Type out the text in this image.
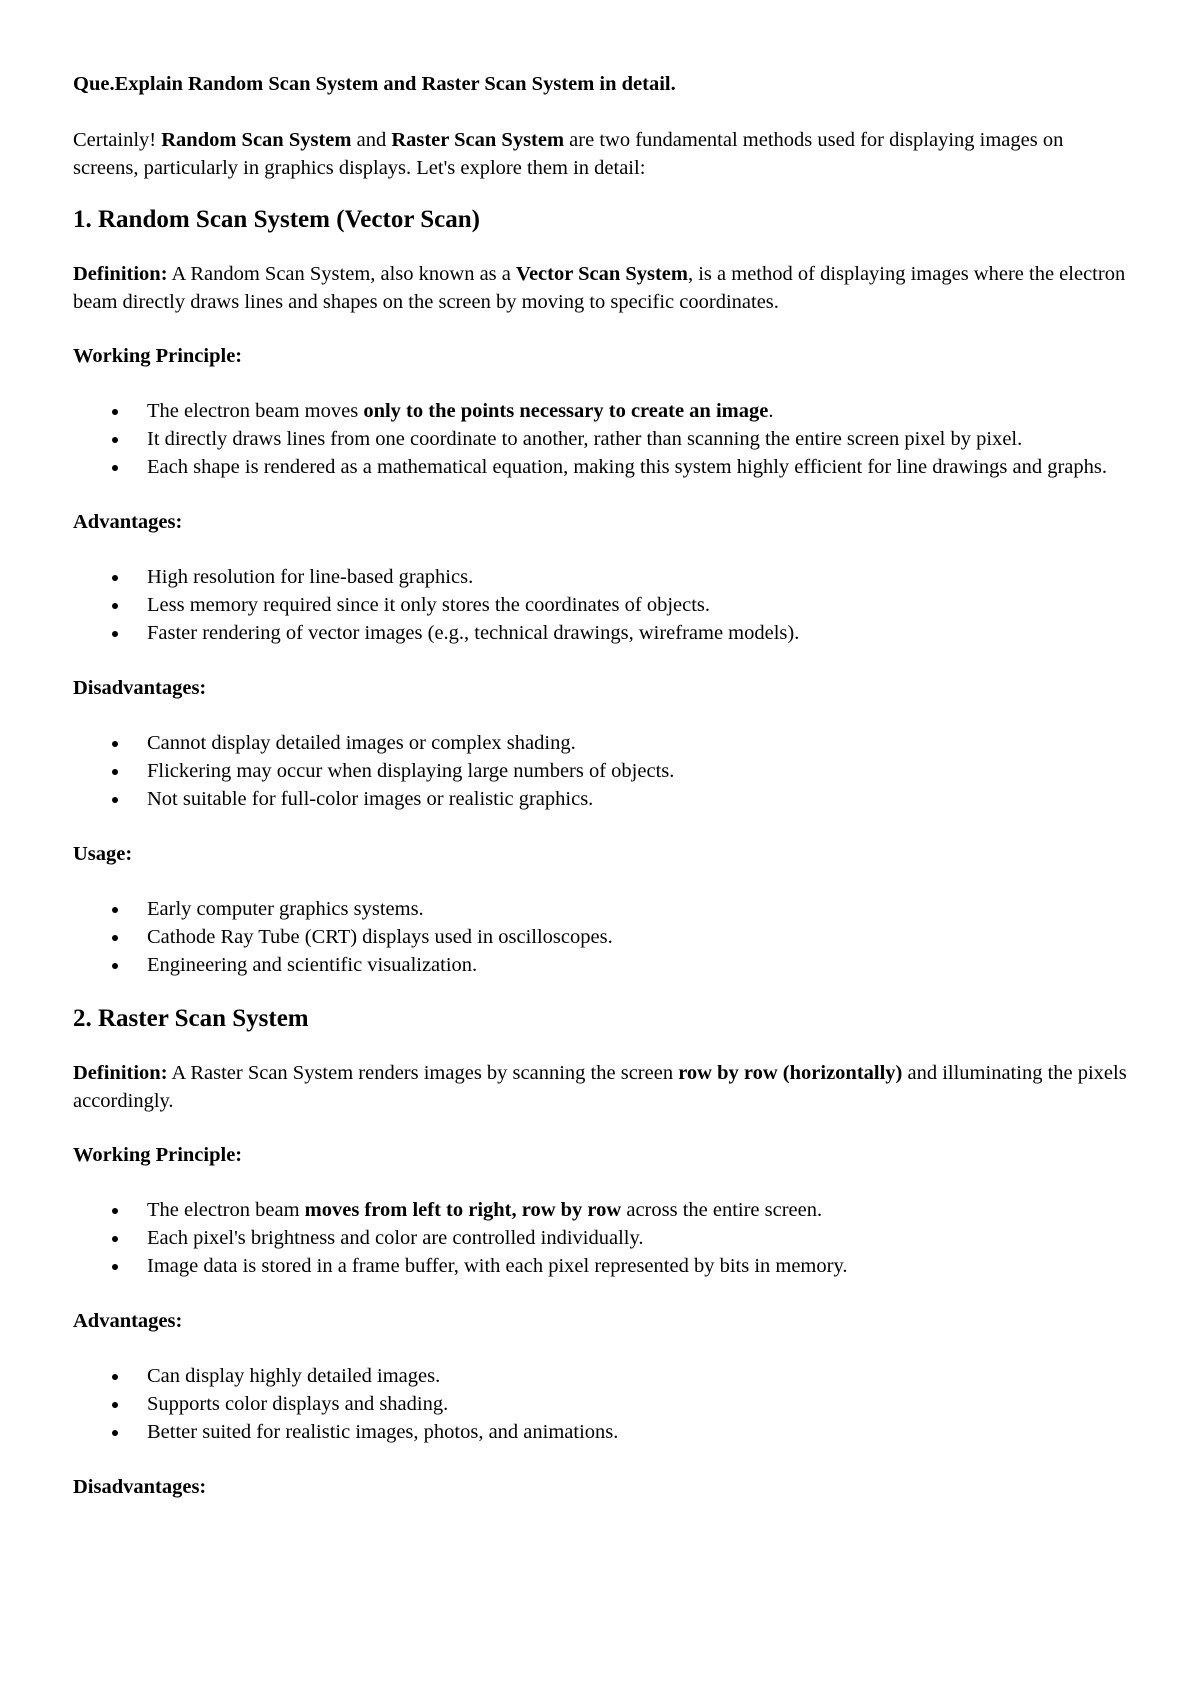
Que.Explain Random Scan System and Raster Scan System in detail.

Certainly! Random Scan System and Raster Scan System are two fundamental methods used for displaying images on screens, particularly in graphics displays. Let's explore them in detail:

1. Random Scan System (Vector Scan)

Definition: A Random Scan System, also known as a Vector Scan System, is a method of displaying images where the electron beam directly draws lines and shapes on the screen by moving to specific coordinates.

Working Principle:
The electron beam moves only to the points necessary to create an image.
It directly draws lines from one coordinate to another, rather than scanning the entire screen pixel by pixel.
Each shape is rendered as a mathematical equation, making this system highly efficient for line drawings and graphs.
Advantages:
High resolution for line-based graphics.
Less memory required since it only stores the coordinates of objects.
Faster rendering of vector images (e.g., technical drawings, wireframe models).
Disadvantages:
Cannot display detailed images or complex shading.
Flickering may occur when displaying large numbers of objects.
Not suitable for full-color images or realistic graphics.
Usage:
Early computer graphics systems.
Cathode Ray Tube (CRT) displays used in oscilloscopes.
Engineering and scientific visualization.
2. Raster Scan System

Definition: A Raster Scan System renders images by scanning the screen row by row (horizontally) and illuminating the pixels accordingly.

Working Principle:
The electron beam moves from left to right, row by row across the entire screen.
Each pixel's brightness and color are controlled individually.
Image data is stored in a frame buffer, with each pixel represented by bits in memory.
Advantages:
Can display highly detailed images.
Supports color displays and shading.
Better suited for realistic images, photos, and animations.
Disadvantages:
